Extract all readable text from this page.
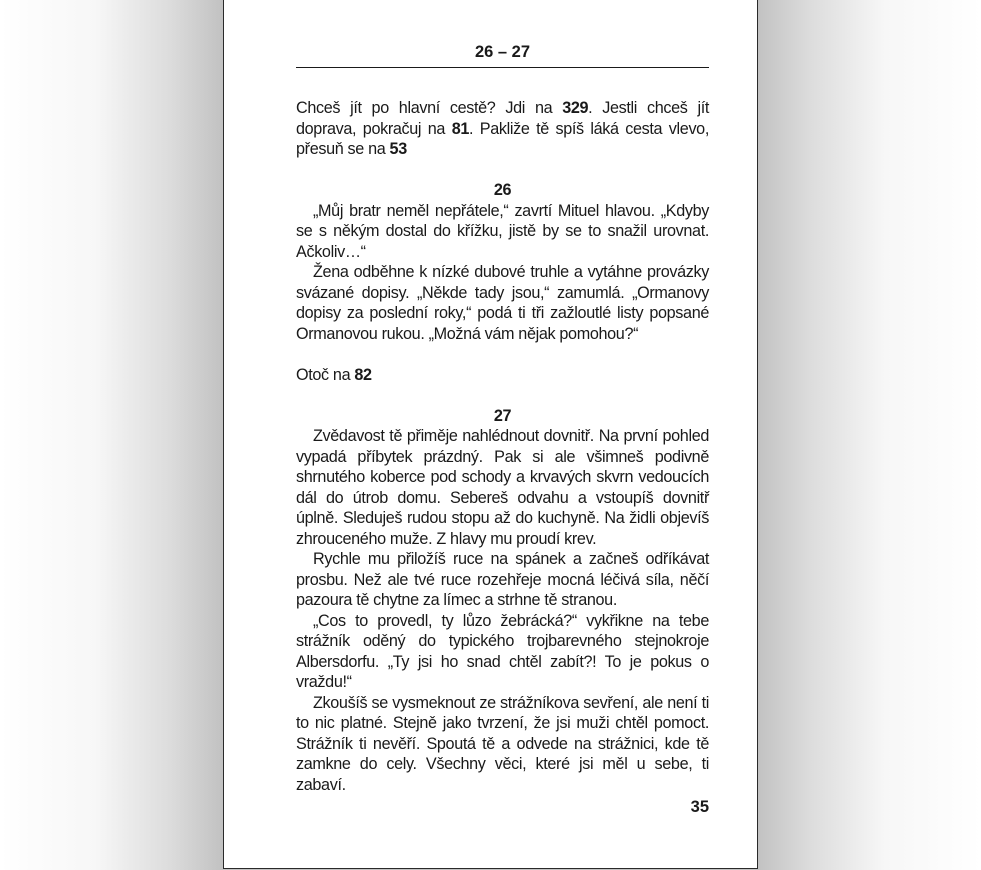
26 – 27

Chceš jít po hlavní cestě? Jdi na 329. Jestli chceš jít doprava, pokračuj na 81. Pakliže tě spíš láká cesta vlevo, přesuň se na 53

26

„Můj bratr neměl nepřátele,“ zavrtí Mituel hlavou. „Kdyby se s někým dostal do křížku, jistě by se to snažil urovnat. Ačkoliv…“

Žena odběhne k nízké dubové truhle a vytáhne provázky svázané dopisy. „Někde tady jsou,“ zamumlá. „Ormanovy dopisy za poslední roky,“ podá ti tři zažloutlé listy popsané Ormanovou rukou. „Možná vám nějak pomohou?“

Otoč na 82

27

Zvědavost tě přiměje nahlédnout dovnitř. Na první pohled vypadá příbytek prázdný. Pak si ale všimneš podivně shrnutého koberce pod schody a krvavých skvrn vedoucích dál do útrob domu. Sebereš odvahu a vstoupíš dovnitř úplně. Sleduješ rudou stopu až do kuchyně. Na židli objevíš zhrouceného muže. Z hlavy mu proudí krev.

Rychle mu přiložíš ruce na spánek a začneš odříkávat prosbu. Než ale tvé ruce rozehřeje mocná léčivá síla, něčí pazoura tě chytne za límec a strhne tě stranou.

„Cos to provedl, ty lůzo žebrácká?“ vykřikne na tebe strážník oděný do typického trojbarevného stejnokroje Albersdorfu. „Ty jsi ho snad chtěl zabít?! To je pokus o vraždu!“

Zkoušíš se vysmeknout ze strážníkova sevření, ale není ti to nic platné. Stejně jako tvrzení, že jsi muži chtěl pomoct. Strážník ti nevěří. Spoutá tě a odvede na strážnici, kde tě zamkne do cely. Všechny věci, které jsi měl u sebe, ti zabaví.

35
